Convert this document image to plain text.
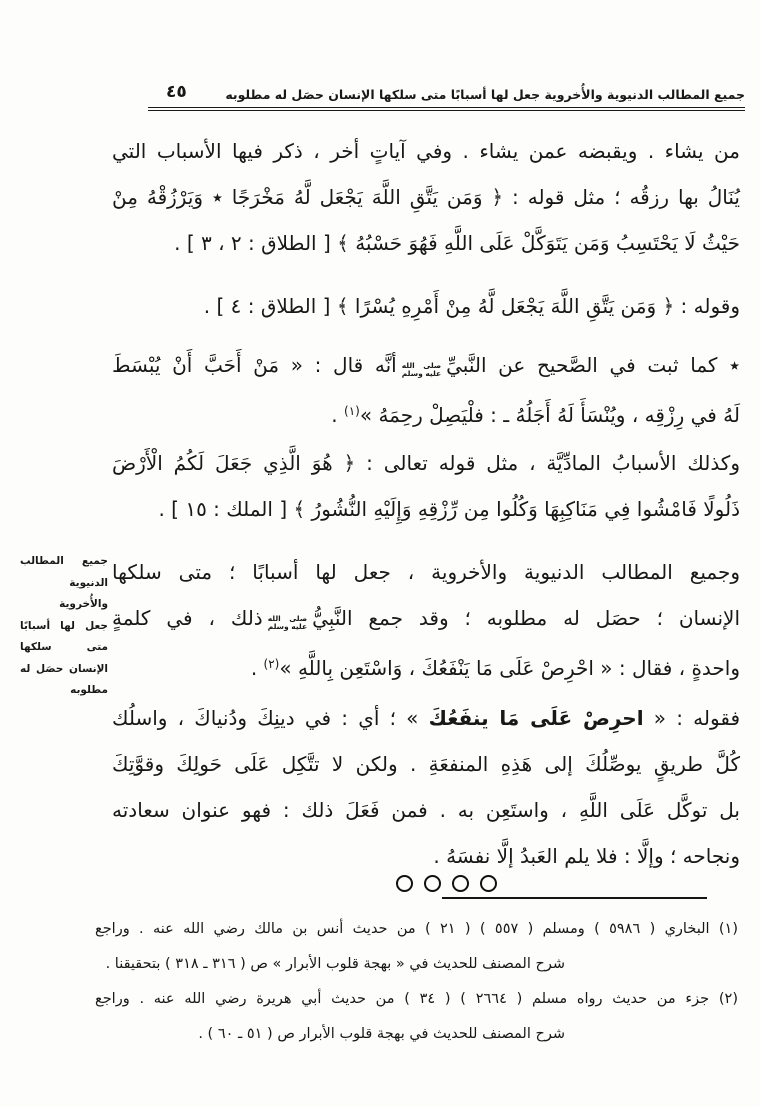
جميع المطالب الدنيوية والأُخروية جعل لها أسبابًا متى سلكها الإنسان حصَل له مطلوبه
٤٥
من يشاء . ويقبضه عمن يشاء . وفي آياتٍ أخر ، ذكر فيها الأسباب التي
يُنَالُ بها رزقُه ؛ مثل قوله : ﴿ وَمَن يَتَّقِ اللَّهَ يَجْعَل لَّهُ مَخْرَجًا ٭ وَيَرْزُقْهُ مِنْ
حَيْثُ لَا يَحْتَسِبُ وَمَن يَتَوَكَّلْ عَلَى اللَّهِ فَهُوَ حَسْبُهُ ﴾ [ الطلاق : ٢ ، ٣ ] .
وقوله : ﴿ وَمَن يَتَّقِ اللَّهَ يَجْعَل لَّهُ مِنْ أَمْرِهِ يُسْرًا ﴾ [ الطلاق : ٤ ] .
٭ كما ثبت في الصَّحيح عن النَّبيِّ
صلى الله
عليه وسلم
أنَّه قال : « مَنْ أَحَبَّ أَنْ يُبْسَطَ
لَهُ في رِزْقِه ، ويُنْسَأَ لَهُ أَجَلُهُ ـ : فلْيَصِلْ رحِمَهُ »$^{(١)}$ .
وكذلك الأسبابُ المادِّيَّة ، مثل قوله تعالى : ﴿ هُوَ الَّذِي جَعَلَ لَكُمُ الْأَرْضَ
ذَلُولًا فَامْشُوا فِي مَنَاكِبِهَا وَكُلُوا مِن رِّزْقِهِ وَإِلَيْهِ النُّشُورُ ﴾ [ الملك : ١٥ ] .
وجميع المطالب الدنيوية والأخروية ، جعل لها أسبابًا ؛ متى سلكها
الإنسان ؛ حصَل له مطلوبه ؛ وقد جمع النَّبِيُّ
صلى الله
عليه وسلم
ذلك ، في كلمةٍ
واحدةٍ ، فقال : « احْرِصْ عَلَى مَا يَنْفَعُكَ ، وَاسْتَعِن بِاللَّهِ »$^{(٢)}$ .
فقوله : « احرِصْ عَلَى مَا ينفَعُكَ » ؛ أي : في دينِكَ ودُنياكَ ، واسلُك
كُلَّ طريقٍ يوصِّلُكَ إلى هَذِهِ المنفعَةِ . ولكن لا تتَّكِل عَلَى حَولِكَ وقوَّتِكَ
بل توكَّل عَلَى اللَّهِ ، واستَعِن به . فمن فَعَلَ ذلك : فهو عنوان سعادته
ونجاحه ؛ وإلَّا : فلا يلم العَبدُ إلَّا نفسَهُ .
جميع المطالب
الدنيوية والأُخروية
جعل لها أسبابًا
متى سلكها
الإنسان حصَل له
مطلوبه
(١) البخاري ( ٥٩٨٦ ) ومسلم ( ٥٥٧ ) ( ٢١ ) من حديث أنس بن مالك رضي الله عنه . وراجع
شرح المصنف للحديث في « بهجة قلوب الأبرار » ص ( ٣١٦ ـ ٣١٨ ) بتحقيقنا .
(٢) جزء من حديث رواه مسلم ( ٢٦٦٤ ) ( ٣٤ ) من حديث أبي هريرة رضي الله عنه . وراجع
شرح المصنف للحديث في بهجة قلوب الأبرار ص ( ٥١ ـ ٦٠ ) .
